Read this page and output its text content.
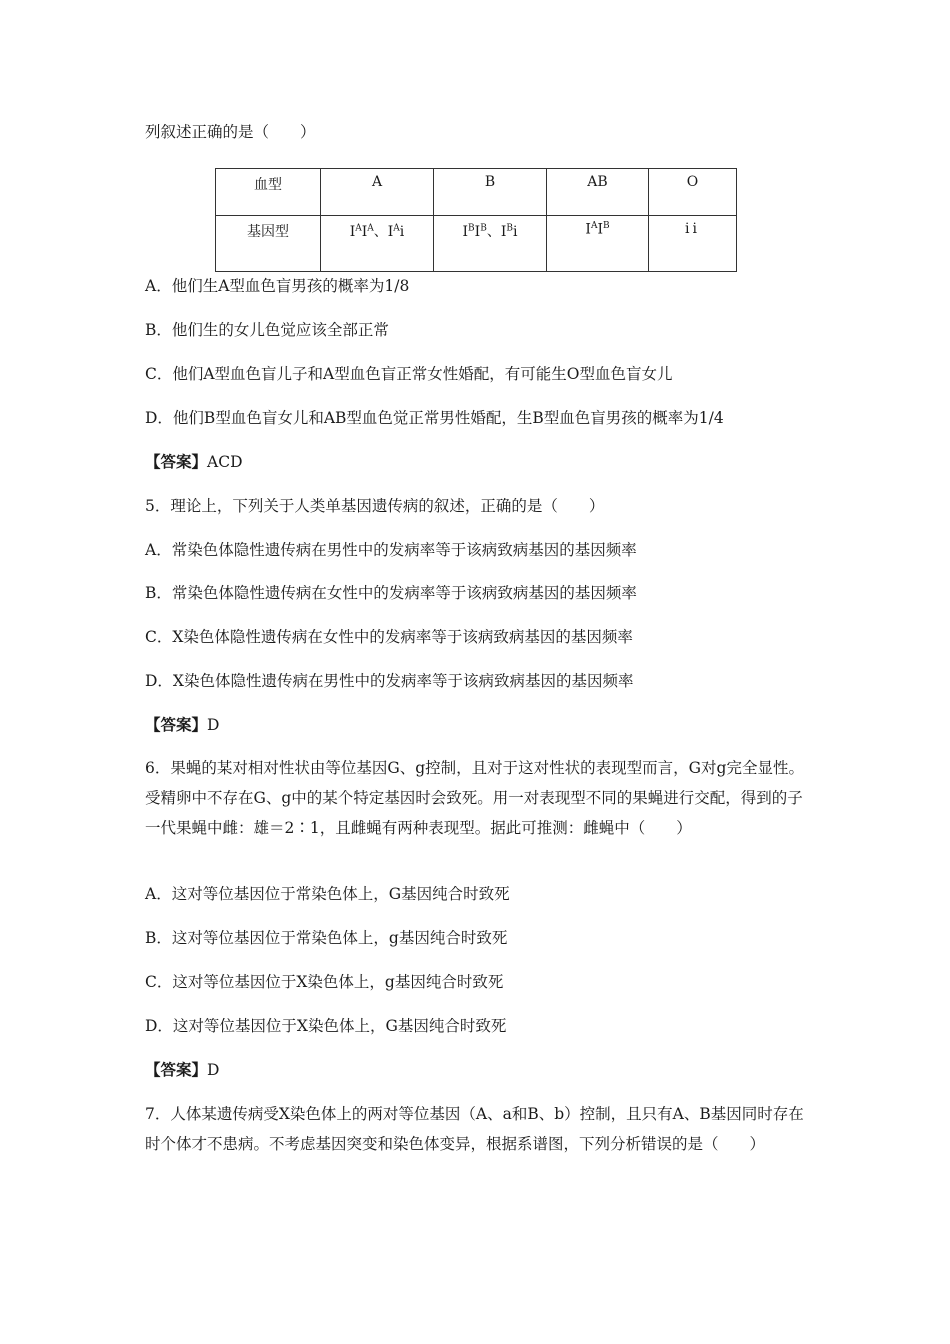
列叙述正确的是（　　）
血型	A	B	AB	O
基因型	$I^AI^A$、$I^Ai$	$I^BI^B$、$I^Bi$	$I^AI^B$	ii
A．他们生A型血色盲男孩的概率为1/8
B．他们生的女儿色觉应该全部正常
C．他们A型血色盲儿子和A型血色盲正常女性婚配，有可能生O型血色盲女儿
D．他们B型血色盲女儿和AB型血色觉正常男性婚配，生B型血色盲男孩的概率为1/4
【答案】ACD
5．理论上，下列关于人类单基因遗传病的叙述，正确的是（　　）
A．常染色体隐性遗传病在男性中的发病率等于该病致病基因的基因频率
B．常染色体隐性遗传病在女性中的发病率等于该病致病基因的基因频率
C．X染色体隐性遗传病在女性中的发病率等于该病致病基因的基因频率
D．X染色体隐性遗传病在男性中的发病率等于该病致病基因的基因频率
【答案】D
6．果蝇的某对相对性状由等位基因G、g控制，且对于这对性状的表现型而言，G对g完全显性。受精卵中不存在G、g中的某个特定基因时会致死。用一对表现型不同的果蝇进行交配，得到的子一代果蝇中雌：雄＝2∶1，且雌蝇有两种表现型。据此可推测：雌蝇中（　　）
A．这对等位基因位于常染色体上，G基因纯合时致死
B．这对等位基因位于常染色体上，g基因纯合时致死
C．这对等位基因位于X染色体上，g基因纯合时致死
D．这对等位基因位于X染色体上，G基因纯合时致死
【答案】D
7．人体某遗传病受X染色体上的两对等位基因（A、a和B、b）控制，且只有A、B基因同时存在时个体才不患病。不考虑基因突变和染色体变异，根据系谱图，下列分析错误的是（　　）
